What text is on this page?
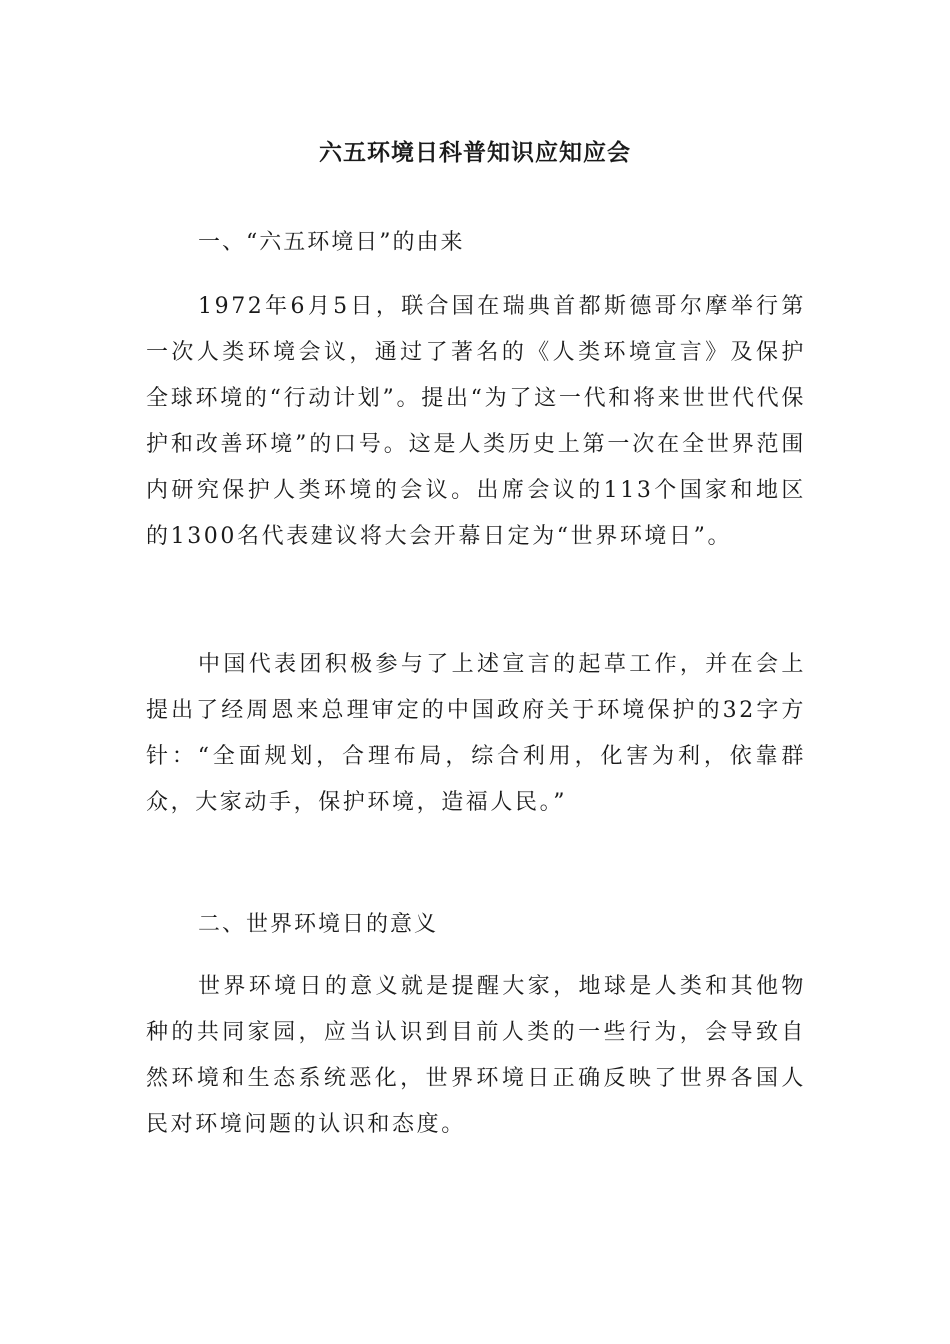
六五环境日科普知识应知应会
一、“六五环境日”的由来

1972年6月5日，联合国在瑞典首都斯德哥尔摩举行第一次人类环境会议，通过了著名的《人类环境宣言》及保护全球环境的“行动计划”。提出“为了这一代和将来世世代代保护和改善环境”的口号。这是人类历史上第一次在全世界范围内研究保护人类环境的会议。出席会议的113个国家和地区的1300名代表建议将大会开幕日定为“世界环境日”。

中国代表团积极参与了上述宣言的起草工作，并在会上提出了经周恩来总理审定的中国政府关于环境保护的32字方针：“全面规划，合理布局，综合利用，化害为利，依靠群众，大家动手，保护环境，造福人民。”

二、世界环境日的意义

世界环境日的意义就是提醒大家，地球是人类和其他物种的共同家园，应当认识到目前人类的一些行为，会导致自然环境和生态系统恶化，世界环境日正确反映了世界各国人民对环境问题的认识和态度。
